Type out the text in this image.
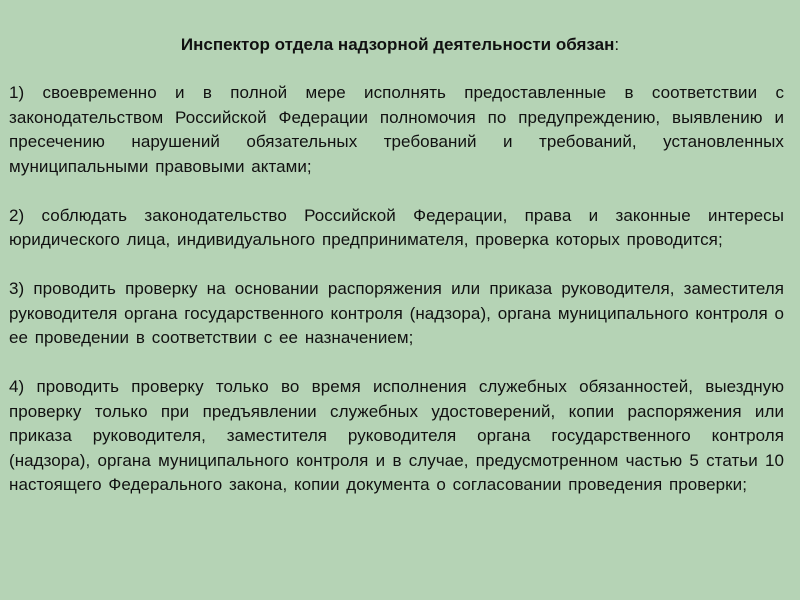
Инспектор отдела надзорной деятельности обязан:

1) своевременно и в полной мере исполнять предоставленные в соответствии с законодательством Российской Федерации полномочия по предупреждению, выявлению и пресечению нарушений обязательных требований и требований, установленных муниципальными правовыми актами;

2) соблюдать законодательство Российской Федерации, права и законные интересы юридического лица, индивидуального предпринимателя, проверка которых проводится;

3) проводить проверку на основании распоряжения или приказа руководителя, заместителя руководителя органа государственного контроля (надзора), органа муниципального контроля о ее проведении в соответствии с ее назначением;

4) проводить проверку только во время исполнения служебных обязанностей, выездную проверку только при предъявлении служебных удостоверений, копии распоряжения или приказа руководителя, заместителя руководителя органа государственного контроля (надзора), органа муниципального контроля и в случае, предусмотренном частью 5 статьи 10 настоящего Федерального закона, копии документа о согласовании проведения проверки;
